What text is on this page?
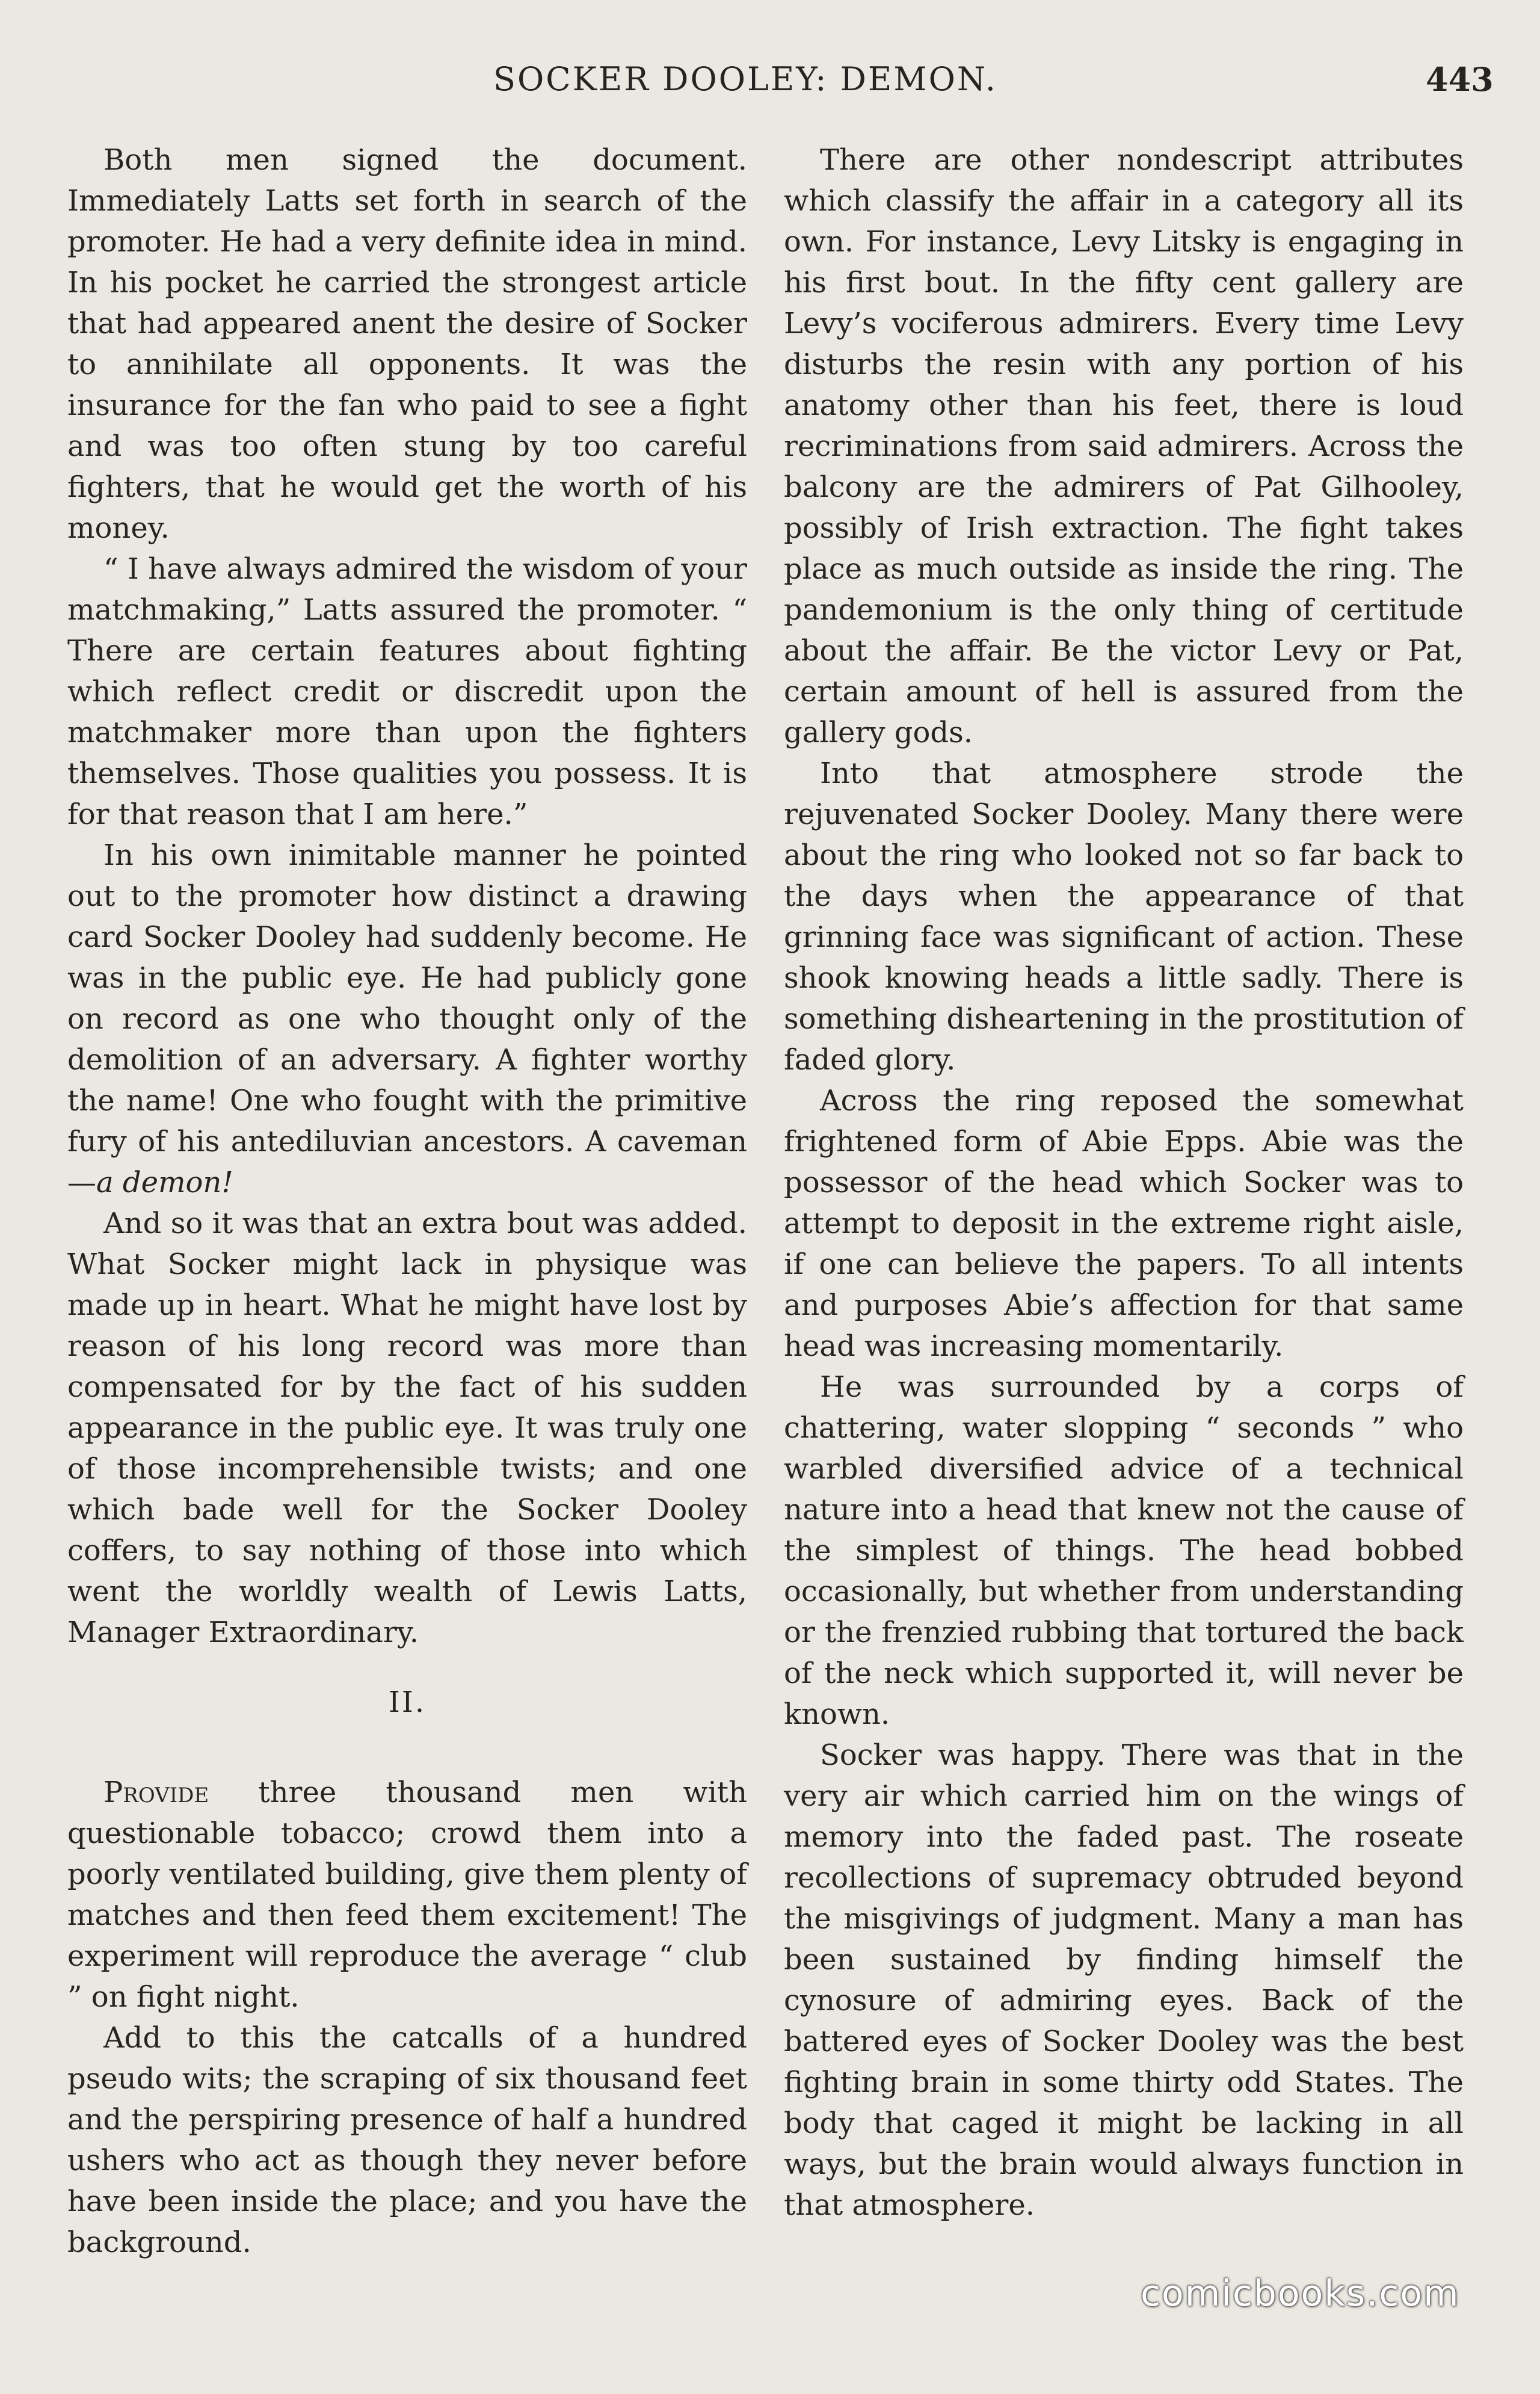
SOCKER DOOLEY: DEMON.	443

Both men signed the document. Immediately Latts set forth in search of the promoter. He had a very definite idea in mind. In his pocket he carried the strongest article that had appeared anent the desire of Socker to annihilate all opponents. It was the insurance for the fan who paid to see a fight and was too often stung by too careful fighters, that he would get the worth of his money.

“ I have always admired the wisdom of your matchmaking,” Latts assured the promoter. “ There are certain features about fighting which reflect credit or discredit upon the matchmaker more than upon the fighters themselves. Those qualities you possess. It is for that reason that I am here.”

In his own inimitable manner he pointed out to the promoter how distinct a drawing card Socker Dooley had suddenly become. He was in the public eye. He had publicly gone on record as one who thought only of the demolition of an adversary. A fighter worthy the name! One who fought with the primitive fury of his antediluvian ancestors. A caveman—a demon!

And so it was that an extra bout was added. What Socker might lack in physique was made up in heart. What he might have lost by reason of his long record was more than compensated for by the fact of his sudden appearance in the public eye. It was truly one of those incomprehensible twists; and one which bade well for the Socker Dooley coffers, to say nothing of those into which went the worldly wealth of Lewis Latts, Manager Extraordinary.

II.

Provide three thousand men with questionable tobacco; crowd them into a poorly ventilated building, give them plenty of matches and then feed them excitement! The experiment will reproduce the average “ club ” on fight night.

Add to this the catcalls of a hundred pseudo wits; the scraping of six thousand feet and the perspiring presence of half a hundred ushers who act as though they never before have been inside the place; and you have the background.

There are other nondescript attributes which classify the affair in a category all its own. For instance, Levy Litsky is engaging in his first bout. In the fifty cent gallery are Levy’s vociferous admirers. Every time Levy disturbs the resin with any portion of his anatomy other than his feet, there is loud recriminations from said admirers. Across the balcony are the admirers of Pat Gilhooley, possibly of Irish extraction. The fight takes place as much outside as inside the ring. The pandemonium is the only thing of certitude about the affair. Be the victor Levy or Pat, certain amount of hell is assured from the gallery gods.

Into that atmosphere strode the rejuvenated Socker Dooley. Many there were about the ring who looked not so far back to the days when the appearance of that grinning face was significant of action. These shook knowing heads a little sadly. There is something disheartening in the prostitution of faded glory.

Across the ring reposed the somewhat frightened form of Abie Epps. Abie was the possessor of the head which Socker was to attempt to deposit in the extreme right aisle, if one can believe the papers. To all intents and purposes Abie’s affection for that same head was increasing momentarily.

He was surrounded by a corps of chattering, water slopping “ seconds ” who warbled diversified advice of a technical nature into a head that knew not the cause of the simplest of things. The head bobbed occasionally, but whether from understanding or the frenzied rubbing that tortured the back of the neck which supported it, will never be known.

Socker was happy. There was that in the very air which carried him on the wings of memory into the faded past. The roseate recollections of supremacy obtruded beyond the misgivings of judgment. Many a man has been sustained by finding himself the cynosure of admiring eyes. Back of the battered eyes of Socker Dooley was the best fighting brain in some thirty odd States. The body that caged it might be lacking in all ways, but the brain would always function in that atmosphere.

comicbooks.com
